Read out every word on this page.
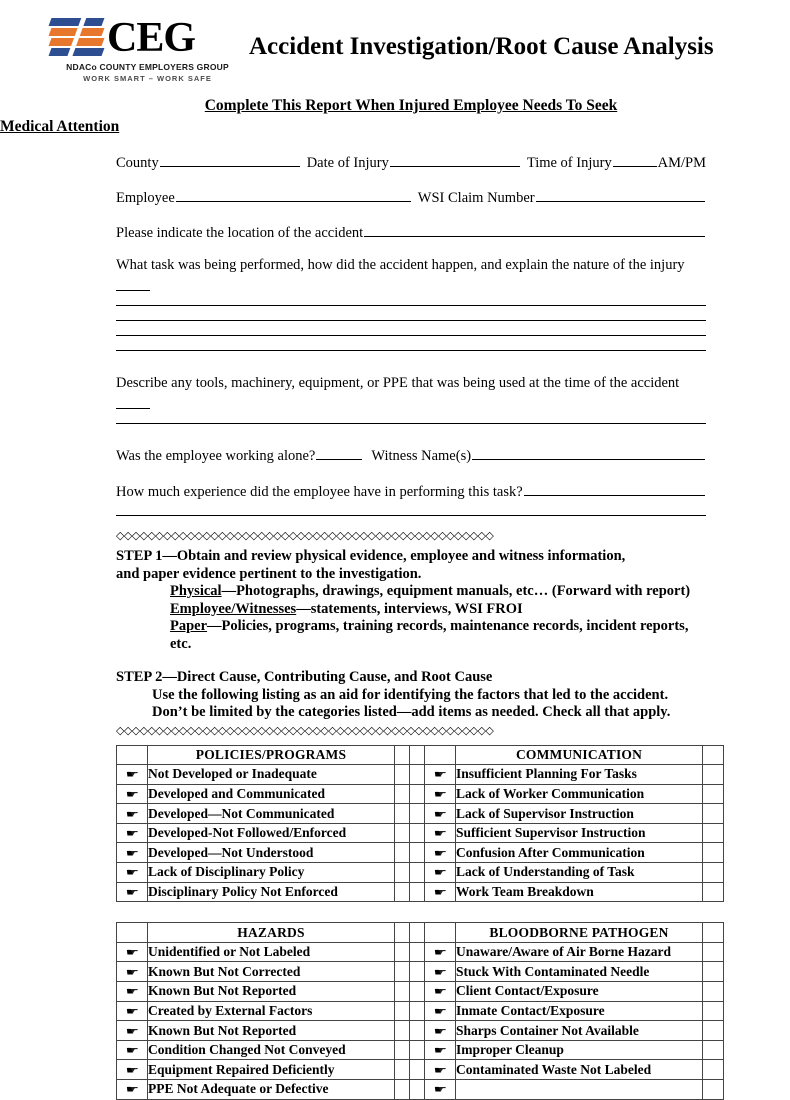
CEG
NDACo COUNTY EMPLOYERS GROUP
WORK SMART – WORK SAFE
Accident Investigation/Root Cause Analysis
Complete This Report When Injured Employee Needs To Seek
Medical Attention
County	Date of Injury	Time of Injury	AM/PM
Employee	WSI Claim Number
Please indicate the location of the accident
What task was being performed, how did the accident happen, and explain the nature of the injury
Describe any tools, machinery, equipment, or PPE that was being used at the time of the accident
Was the employee working alone?	Witness Name(s)
How much experience did the employee have in performing this task?
◇◇◇◇◇◇◇◇◇◇◇◇◇◇◇◇◇◇◇◇◇◇◇◇◇◇◇◇◇◇◇◇◇◇◇◇◇◇◇◇◇◇◇◇◇◇◇◇
STEP 1—Obtain and review physical evidence, employee and witness information,
and paper evidence pertinent to the investigation.
Physical—Photographs, drawings, equipment manuals, etc… (Forward with report)
Employee/Witnesses—statements, interviews, WSI FROI
Paper—Policies, programs, training records, maintenance records, incident reports, etc.
STEP 2—Direct Cause, Contributing Cause, and Root Cause
Use the following listing as an aid for identifying the factors that led to the accident.
Don’t be limited by the categories listed—add items as needed. Check all that apply.
◇◇◇◇◇◇◇◇◇◇◇◇◇◇◇◇◇◇◇◇◇◇◇◇◇◇◇◇◇◇◇◇◇◇◇◇◇◇◇◇◇◇◇◇◇◇◇◇
	POLICIES/PROGRAMS				COMMUNICATION	
☛	Not Developed or Inadequate			☛	Insufficient Planning For Tasks	
☛	Developed and Communicated			☛	Lack of Worker Communication	
☛	Developed—Not Communicated			☛	Lack of Supervisor Instruction	
☛	Developed-Not Followed/Enforced			☛	Sufficient Supervisor Instruction	
☛	Developed—Not Understood			☛	Confusion After Communication	
☛	Lack of Disciplinary Policy			☛	Lack of Understanding of Task	
☛	Disciplinary Policy Not Enforced			☛	Work Team Breakdown	
	HAZARDS				BLOODBORNE PATHOGEN	
☛	Unidentified or Not Labeled			☛	Unaware/Aware of Air Borne Hazard	
☛	Known But Not Corrected			☛	Stuck With Contaminated Needle	
☛	Known But Not Reported			☛	Client Contact/Exposure	
☛	Created by External Factors			☛	Inmate Contact/Exposure	
☛	Known But Not Reported			☛	Sharps Container Not Available	
☛	Condition Changed Not Conveyed			☛	Improper Cleanup	
☛	Equipment Repaired Deficiently			☛	Contaminated Waste Not Labeled	
☛	PPE Not Adequate or Defective			☛		
